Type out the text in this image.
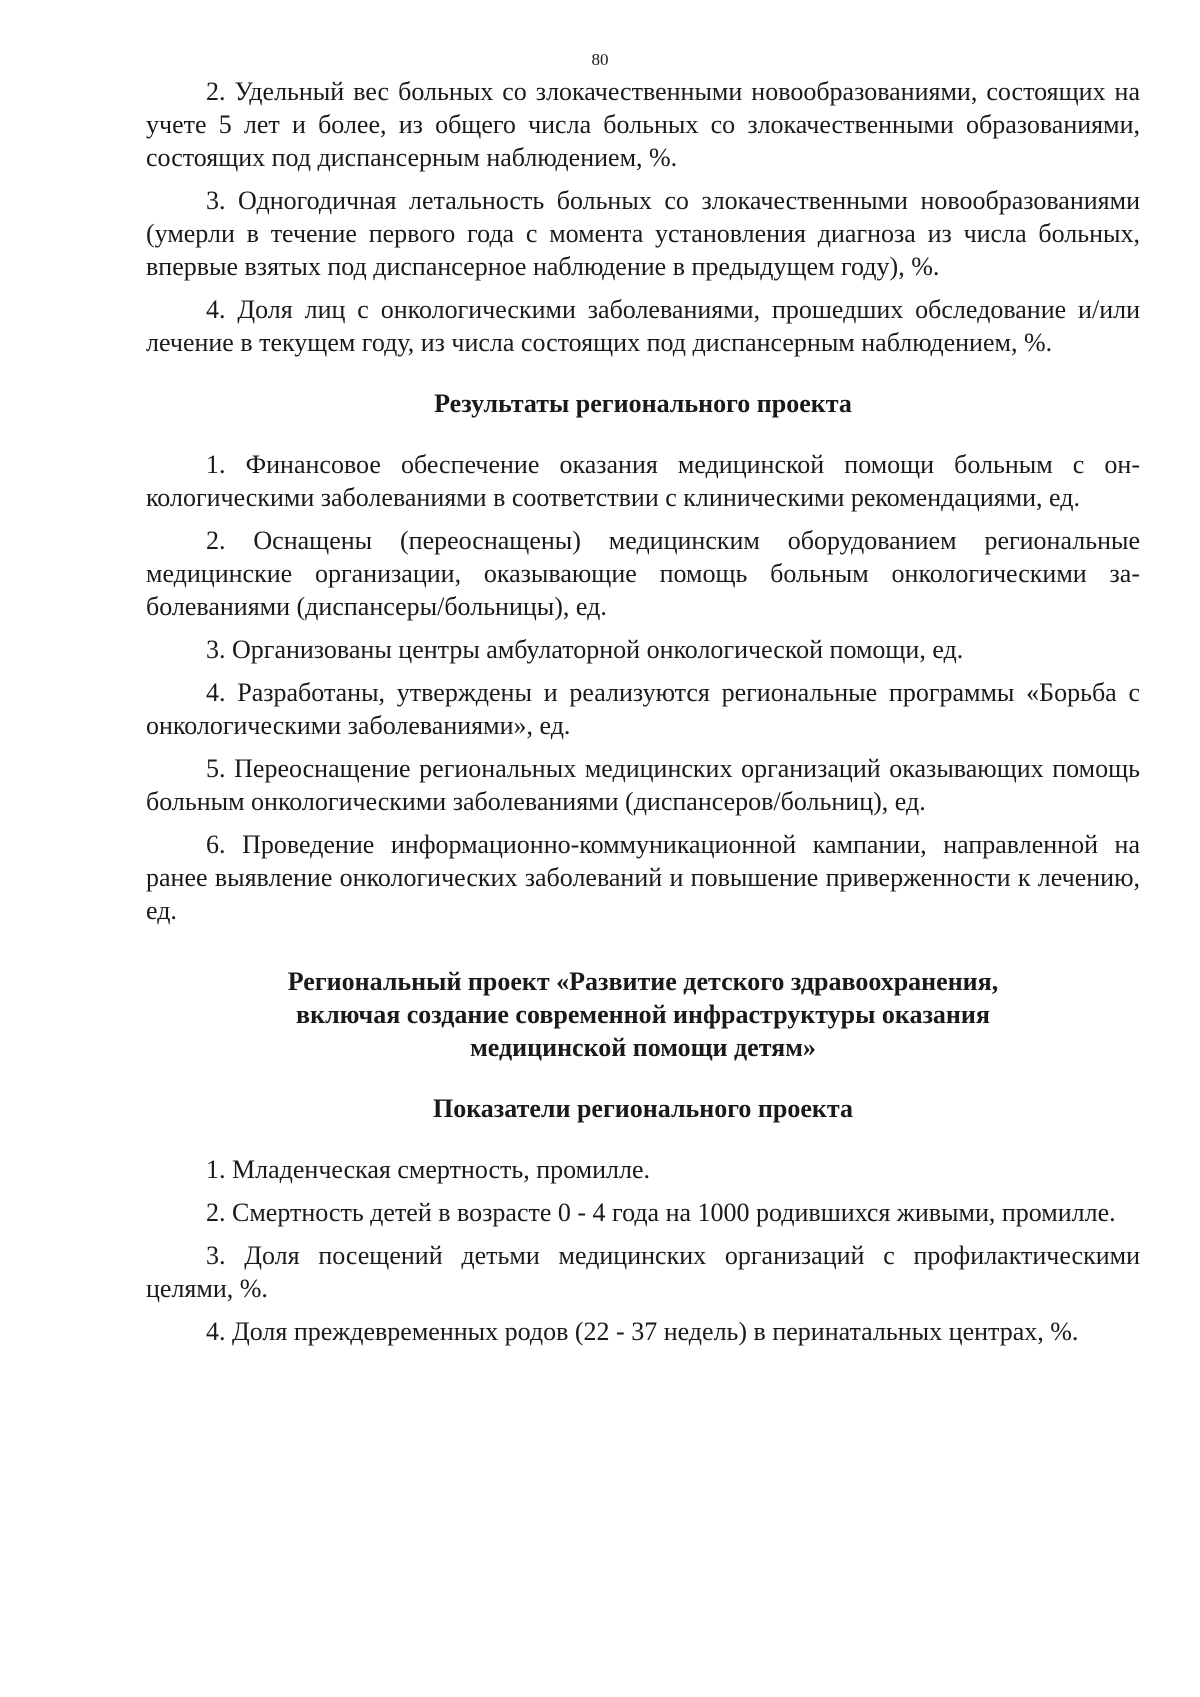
80

2. Удельный вес больных со злокачественными новообразованиями, состоящих на учете 5 лет и более, из общего числа больных со злокачественными образованиями, состоящих под диспансерным наблюдением, %.

3. Одногодичная летальность больных со злокачественными новообразованиями (умерли в течение первого года с момента установления диагноза из числа больных, впервые взятых под диспансерное наблюдение в предыдущем году), %.

4. Доля лиц с онкологическими заболеваниями, прошедших обследование и/или лечение в текущем году, из числа состоящих под диспансерным наблюдением, %.

Результаты регионального проекта

1. Финансовое обеспечение оказания медицинской помощи больным с онкологическими заболеваниями в соответствии с клиническими рекомендациями, ед.

2. Оснащены (переоснащены) медицинским оборудованием региональные медицинские организации, оказывающие помощь больным онкологическими заболеваниями (диспансеры/больницы), ед.

3. Организованы центры амбулаторной онкологической помощи, ед.

4. Разработаны, утверждены и реализуются региональные программы «Борьба с онкологическими заболеваниями», ед.

5. Переоснащение региональных медицинских организаций оказывающих помощь больным онкологическими заболеваниями (диспансеров/больниц), ед.

6. Проведение информационно-коммуникационной кампании, направленной на ранее выявление онкологических заболеваний и повышение приверженности к лечению, ед.

Региональный проект «Развитие детского здравоохранения,
включая создание современной инфраструктуры оказания
медицинской помощи детям»
Показатели регионального проекта

1. Младенческая смертность, промилле.

2. Смертность детей в возрасте 0 - 4 года на 1000 родившихся живыми, промилле.

3. Доля посещений детьми медицинских организаций с профилактическими целями, %.

4. Доля преждевременных родов (22 - 37 недель) в перинатальных центрах, %.
